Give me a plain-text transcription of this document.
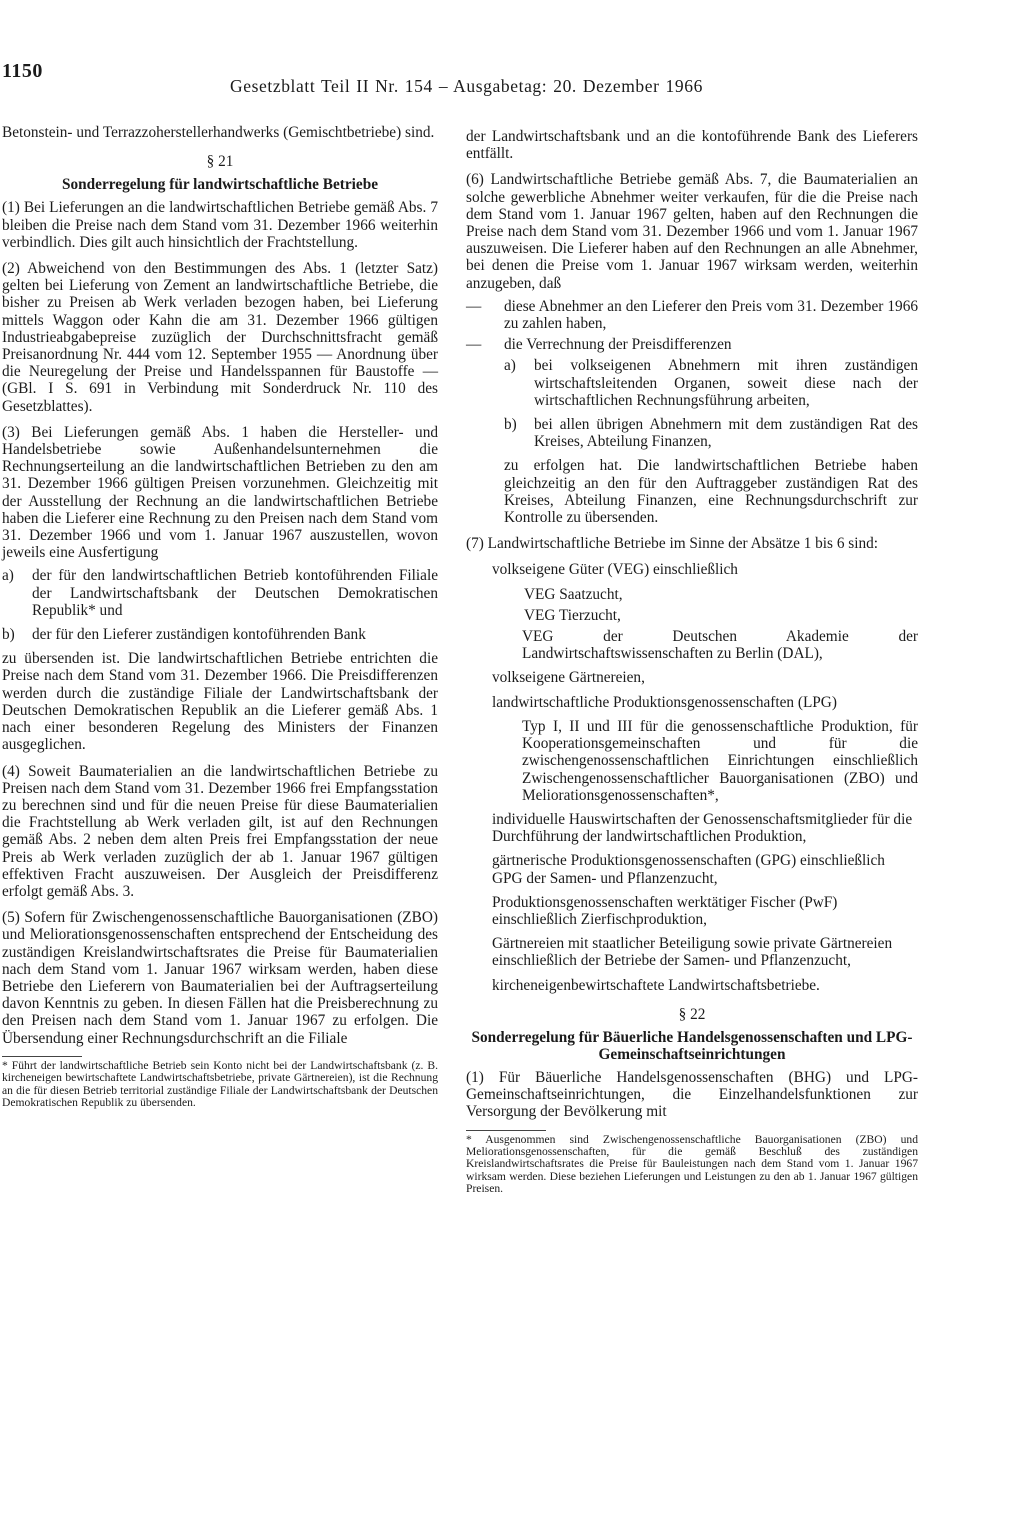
1150
Gesetzblatt Teil II Nr. 154 – Ausgabetag: 20. Dezember 1966

Betonstein- und Terrazzoherstellerhandwerks (Gemischtbetriebe) sind.

§ 21
Sonderregelung für landwirtschaftliche Betriebe

(1) Bei Lieferungen an die landwirtschaftlichen Betriebe gemäß Abs. 7 bleiben die Preise nach dem Stand vom 31. Dezember 1966 weiterhin verbindlich. Dies gilt auch hinsichtlich der Frachtstellung.

(2) Abweichend von den Bestimmungen des Abs. 1 (letzter Satz) gelten bei Lieferung von Zement an landwirtschaftliche Betriebe, die bisher zu Preisen ab Werk verladen bezogen haben, bei Lieferung mittels Waggon oder Kahn die am 31. Dezember 1966 gültigen Industrieabgabepreise zuzüglich der Durchschnittsfracht gemäß Preisanordnung Nr. 444 vom 12. September 1955 — Anordnung über die Neuregelung der Preise und Handelsspannen für Baustoffe — (GBl. I S. 691 in Verbindung mit Sonderdruck Nr. 110 des Gesetzblattes).

(3) Bei Lieferungen gemäß Abs. 1 haben die Hersteller- und Handelsbetriebe sowie Außenhandelsunternehmen die Rechnungserteilung an die landwirtschaftlichen Betrieben zu den am 31. Dezember 1966 gültigen Preisen vorzunehmen. Gleichzeitig mit der Ausstellung der Rechnung an die landwirtschaftlichen Betriebe haben die Lieferer eine Rechnung zu den Preisen nach dem Stand vom 31. Dezember 1966 und vom 1. Januar 1967 auszustellen, wovon jeweils eine Ausfertigung

a)	der für den landwirtschaftlichen Betrieb kontoführenden Filiale der Landwirtschaftsbank der Deutschen Demokratischen Republik* und
b)	der für den Lieferer zuständigen kontoführenden Bank

zu übersenden ist. Die landwirtschaftlichen Betriebe entrichten die Preise nach dem Stand vom 31. Dezember 1966. Die Preisdifferenzen werden durch die zuständige Filiale der Landwirtschaftsbank der Deutschen Demokratischen Republik an die Lieferer gemäß Abs. 1 nach einer besonderen Regelung des Ministers der Finanzen ausgeglichen.

(4) Soweit Baumaterialien an die landwirtschaftlichen Betriebe zu Preisen nach dem Stand vom 31. Dezember 1966 frei Empfangsstation zu berechnen sind und für die neuen Preise für diese Baumaterialien die Frachtstellung ab Werk verladen gilt, ist auf den Rechnungen gemäß Abs. 2 neben dem alten Preis frei Empfangsstation der neue Preis ab Werk verladen zuzüglich der ab 1. Januar 1967 gültigen effektiven Fracht auszuweisen. Der Ausgleich der Preisdifferenz erfolgt gemäß Abs. 3.

(5) Sofern für Zwischengenossenschaftliche Bauorganisationen (ZBO) und Meliorationsgenossenschaften entsprechend der Entscheidung des zuständigen Kreislandwirtschaftsrates die Preise für Baumaterialien nach dem Stand vom 1. Januar 1967 wirksam werden, haben diese Betriebe den Lieferern von Baumaterialien bei der Auftragserteilung davon Kenntnis zu geben. In diesen Fällen hat die Preisberechnung zu den Preisen nach dem Stand vom 1. Januar 1967 zu erfolgen. Die Übersendung einer Rechnungsdurchschrift an die Filiale

* Führt der landwirtschaftliche Betrieb sein Konto nicht bei der Landwirtschaftsbank (z. B. kircheneigen bewirtschaftete Landwirtschaftsbetriebe, private Gärtnereien), ist die Rechnung an die für diesen Betrieb territorial zuständige Filiale der Landwirtschaftsbank der Deutschen Demokratischen Republik zu übersenden.

der Landwirtschaftsbank und an die kontoführende Bank des Lieferers entfällt.

(6) Landwirtschaftliche Betriebe gemäß Abs. 7, die Baumaterialien an solche gewerbliche Abnehmer weiter verkaufen, für die die Preise nach dem Stand vom 1. Januar 1967 gelten, haben auf den Rechnungen die Preise nach dem Stand vom 31. Dezember 1966 und vom 1. Januar 1967 auszuweisen. Die Lieferer haben auf den Rechnungen an alle Abnehmer, bei denen die Preise vom 1. Januar 1967 wirksam werden, weiterhin anzugeben, daß

—	diese Abnehmer an den Lieferer den Preis vom 31. Dezember 1966 zu zahlen haben,
—	die Verrechnung der Preisdifferenzen
a)	bei volkseigenen Abnehmern mit ihren zuständigen wirtschaftsleitenden Organen, soweit diese nach der wirtschaftlichen Rechnungsführung arbeiten,
b)	bei allen übrigen Abnehmern mit dem zuständigen Rat des Kreises, Abteilung Finanzen,

zu erfolgen hat. Die landwirtschaftlichen Betriebe haben gleichzeitig an den für den Auftraggeber zuständigen Rat des Kreises, Abteilung Finanzen, eine Rechnungsdurchschrift zur Kontrolle zu übersenden.

(7) Landwirtschaftliche Betriebe im Sinne der Absätze 1 bis 6 sind:

volkseigene Güter (VEG) einschließlich
VEG Saatzucht,
VEG Tierzucht,
VEG der Deutschen Akademie der Landwirtschaftswissenschaften zu Berlin (DAL),
volkseigene Gärtnereien,
landwirtschaftliche Produktionsgenossenschaften (LPG)
Typ I, II und III für die genossenschaftliche Produktion, für Kooperationsgemeinschaften und für die zwischengenossenschaftlichen Einrichtungen einschließlich Zwischengenossenschaftlicher Bauorganisationen (ZBO) und Meliorationsgenossenschaften*,
individuelle Hauswirtschaften der Genossenschaftsmitglieder für die Durchführung der landwirtschaftlichen Produktion,
gärtnerische Produktionsgenossenschaften (GPG) einschließlich GPG der Samen- und Pflanzenzucht,
Produktionsgenossenschaften werktätiger Fischer (PwF) einschließlich Zierfischproduktion,
Gärtnereien mit staatlicher Beteiligung sowie private Gärtnereien einschließlich der Betriebe der Samen- und Pflanzenzucht,
kircheneigenbewirtschaftete Landwirtschaftsbetriebe.
§ 22
Sonderregelung für Bäuerliche Handelsgenossenschaften und LPG-Gemeinschaftseinrichtungen

(1) Für Bäuerliche Handelsgenossenschaften (BHG) und LPG-Gemeinschaftseinrichtungen, die Einzelhandelsfunktionen zur Versorgung der Bevölkerung mit

* Ausgenommen sind Zwischengenossenschaftliche Bauorganisationen (ZBO) und Meliorationsgenossenschaften, für die gemäß Beschluß des zuständigen Kreislandwirtschaftsrates die Preise für Bauleistungen nach dem Stand vom 1. Januar 1967 wirksam werden. Diese beziehen Lieferungen und Leistungen zu den ab 1. Januar 1967 gültigen Preisen.
